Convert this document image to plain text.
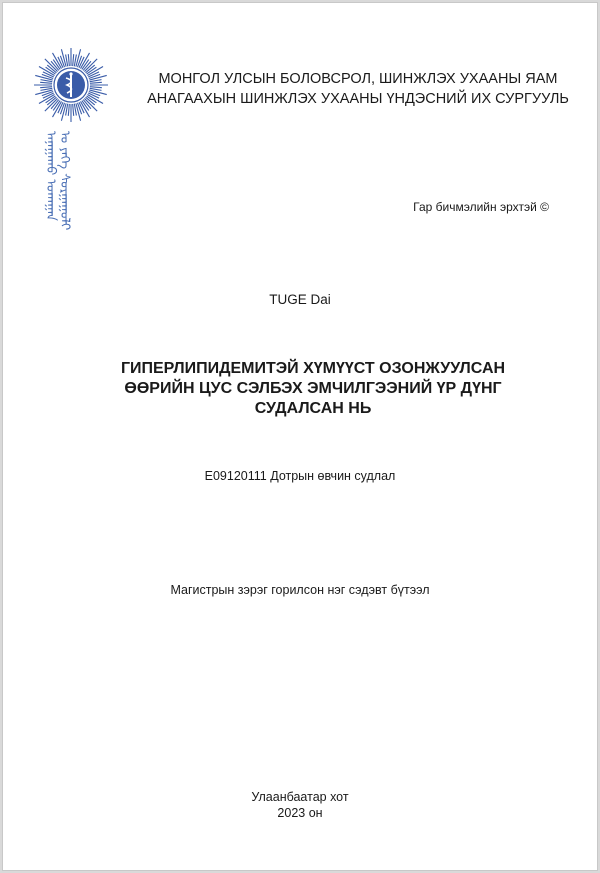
ᠠᠨᠠᠭᠠᠬᠤ ᠤᠬᠠᠭᠠᠨ ᠤ ᠶᠡᠬᠡ ᠰᠤᠷᠭᠠᠭᠤᠯᠢ
МОНГОЛ УЛСЫН БОЛОВСРОЛ, ШИНЖЛЭХ УХААНЫ ЯАМ
АНАГААХЫН ШИНЖЛЭХ УХААНЫ ҮНДЭСНИЙ ИХ СУРГУУЛЬ
Гар бичмэлийн эрхтэй ©
TUGE Dai
ГИПЕРЛИПИДЕМИТЭЙ ХҮМҮҮСТ ОЗОНЖУУЛСАН
ӨӨРИЙН ЦУС СЭЛБЭХ ЭМЧИЛГЭЭНИЙ ҮР ДҮНГ
СУДАЛСАН НЬ
E09120111 Дотрын өвчин судлал
Магистрын зэрэг горилсон нэг сэдэвт бүтээл
Улаанбаатар хот
2023 он
